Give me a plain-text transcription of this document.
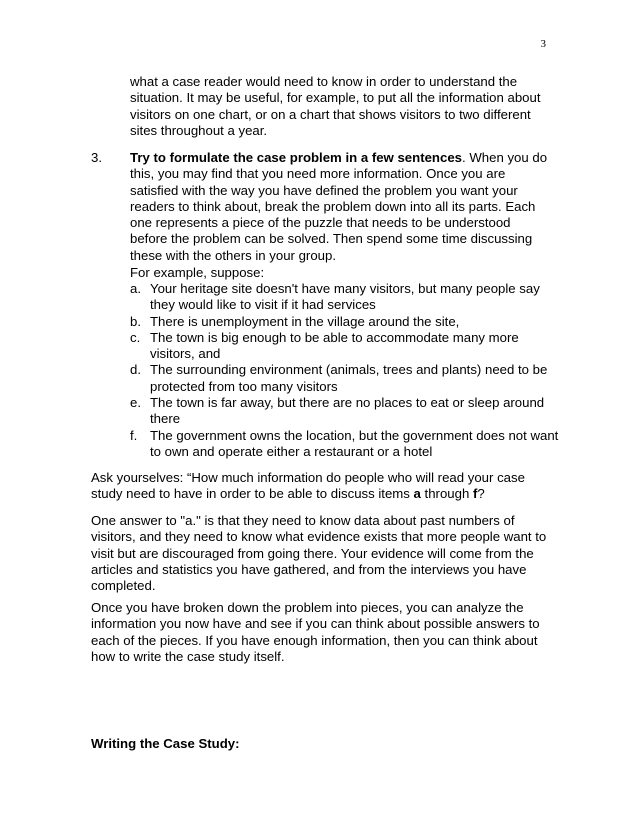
3

what a case reader would need to know in order to understand the situation. It may be useful, for example, to put all the information about visitors on one chart, or on a chart that shows visitors to two different sites throughout a year.

3. Try to formulate the case problem in a few sentences. When you do this, you may find that you need more information. Once you are satisfied with the way you have defined the problem you want your readers to think about, break the problem down into all its parts. Each one represents a piece of the puzzle that needs to be understood before the problem can be solved. Then spend some time discussing these with the others in your group.

For example, suppose:
a. Your heritage site doesn't have many visitors, but many people say they would like to visit if it had services
b. There is unemployment in the village around the site,
c. The town is big enough to be able to accommodate many more visitors, and
d. The surrounding environment (animals, trees and plants) need to be protected from too many visitors
e. The town is far away, but there are no places to eat or sleep around there
f. The government owns the location, but the government does not want to own and operate either a restaurant or a hotel

Ask yourselves: “How much information do people who will read your case study need to have in order to be able to discuss items a through f?

One answer to "a." is that they need to know data about past numbers of visitors, and they need to know what evidence exists that more people want to visit but are discouraged from going there. Your evidence will come from the articles and statistics you have gathered, and from the interviews you have completed.

Once you have broken down the problem into pieces, you can analyze the information you now have and see if you can think about possible answers to each of the pieces. If you have enough information, then you can think about how to write the case study itself.

Writing the Case Study:
